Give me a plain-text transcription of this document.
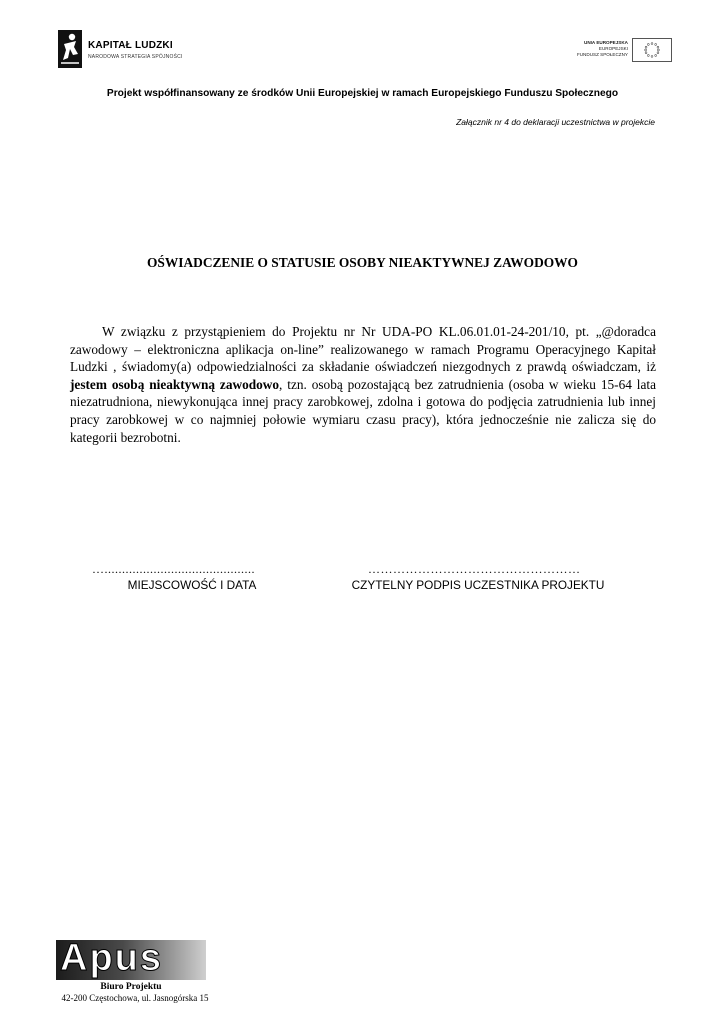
KAPITAŁ LUDZKI
NARODOWA STRATEGIA SPÓJNOŚCI
UNIA EUROPEJSKA
EUROPEJSKI
FUNDUSZ SPOŁECZNY
Projekt współfinansowany ze środków Unii Europejskiej w ramach Europejskiego Funduszu Społecznego
Załącznik nr 4 do deklaracji uczestnictwa w projekcie
OŚWIADCZENIE O STATUSIE OSOBY NIEAKTYWNEJ ZAWODOWO

W związku z przystąpieniem do Projektu nr Nr UDA-PO KL.06.01.01-24-201/10, pt. „@doradca zawodowy – elektroniczna aplikacja on-line” realizowanego w ramach Programu Operacyjnego Kapitał Ludzki , świadomy(a) odpowiedzialności za składanie oświadczeń niezgodnych z prawdą oświadczam, iż jestem osobą nieaktywną zawodowo, tzn. osobą pozostającą bez zatrudnienia (osoba w wieku 15-64 lata niezatrudniona, niewykonująca innej pracy zarobkowej, zdolna i gotowa do podjęcia zatrudnienia lub innej pracy zarobkowej w co najmniej połowie wymiaru czasu pracy), która jednocześnie nie zalicza się do kategorii bezrobotni.

…...........................................	……………………………………………
MIEJSCOWOŚĆ I DATA	CZYTELNY PODPIS UCZESTNIKA PROJEKTU
Apus
Biuro Projektu
42-200 Częstochowa, ul. Jasnogórska 15
